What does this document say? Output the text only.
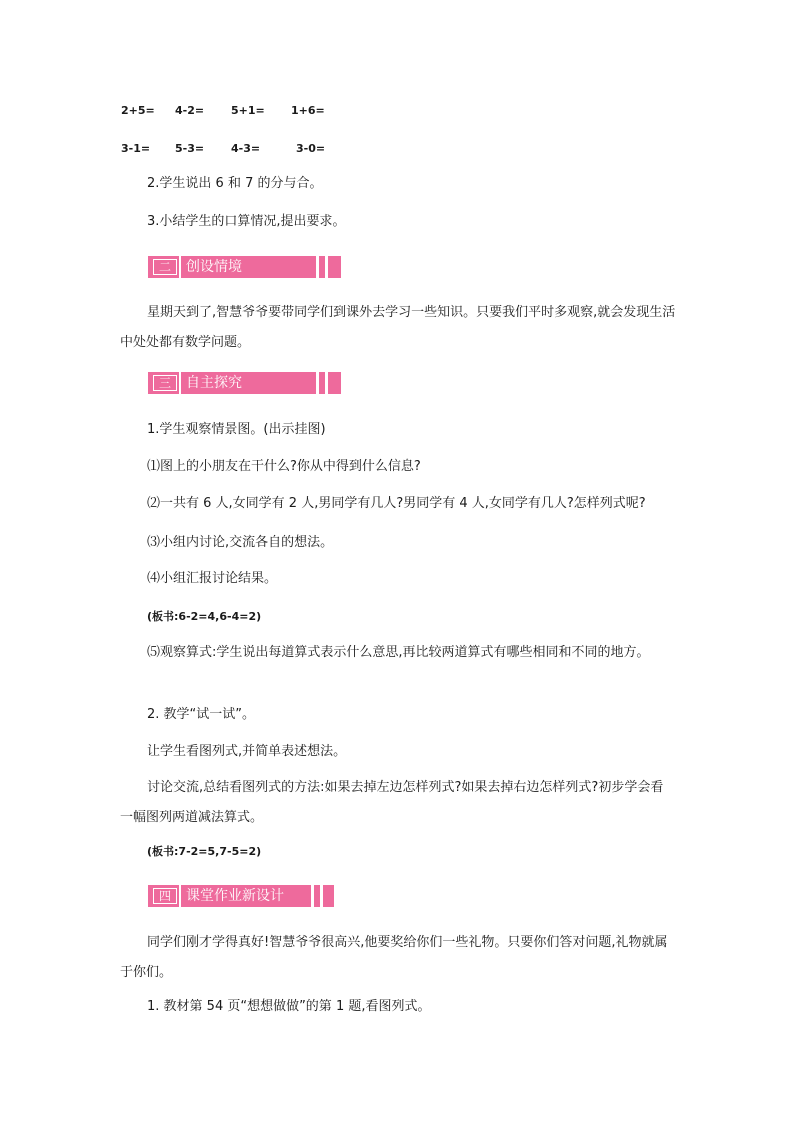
2+5= 4-2= 5+1= 1+6=
3-1= 5-3= 4-3=	3-0=
2.学生说出 6 和 7 的分与合。
3.小结学生的口算情况,提出要求。
二	创设情境
星期天到了,智慧爷爷要带同学们到课外去学习一些知识。只要我们平时多观察,就会发现生活中处处都有数学问题。
三	自主探究
1.学生观察情景图。(出示挂图)
⑴图上的小朋友在干什么?你从中得到什么信息?
⑵一共有 6 人,女同学有 2 人,男同学有几人?男同学有 4 人,女同学有几人?怎样列式呢?
⑶小组内讨论,交流各自的想法。
⑷小组汇报讨论结果。
(板书:6-2=4,6-4=2)
⑸观察算式:学生说出每道算式表示什么意思,再比较两道算式有哪些相同和不同的地方。
2. 教学“试一试”。
让学生看图列式,并简单表述想法。
讨论交流,总结看图列式的方法:如果去掉左边怎样列式?如果去掉右边怎样列式?初步学会看一幅图列两道减法算式。
(板书:7-2=5,7-5=2)
四	课堂作业新设计
同学们刚才学得真好!智慧爷爷很高兴,他要奖给你们一些礼物。只要你们答对问题,礼物就属于你们。
1. 教材第 54 页“想想做做”的第 1 题,看图列式。
